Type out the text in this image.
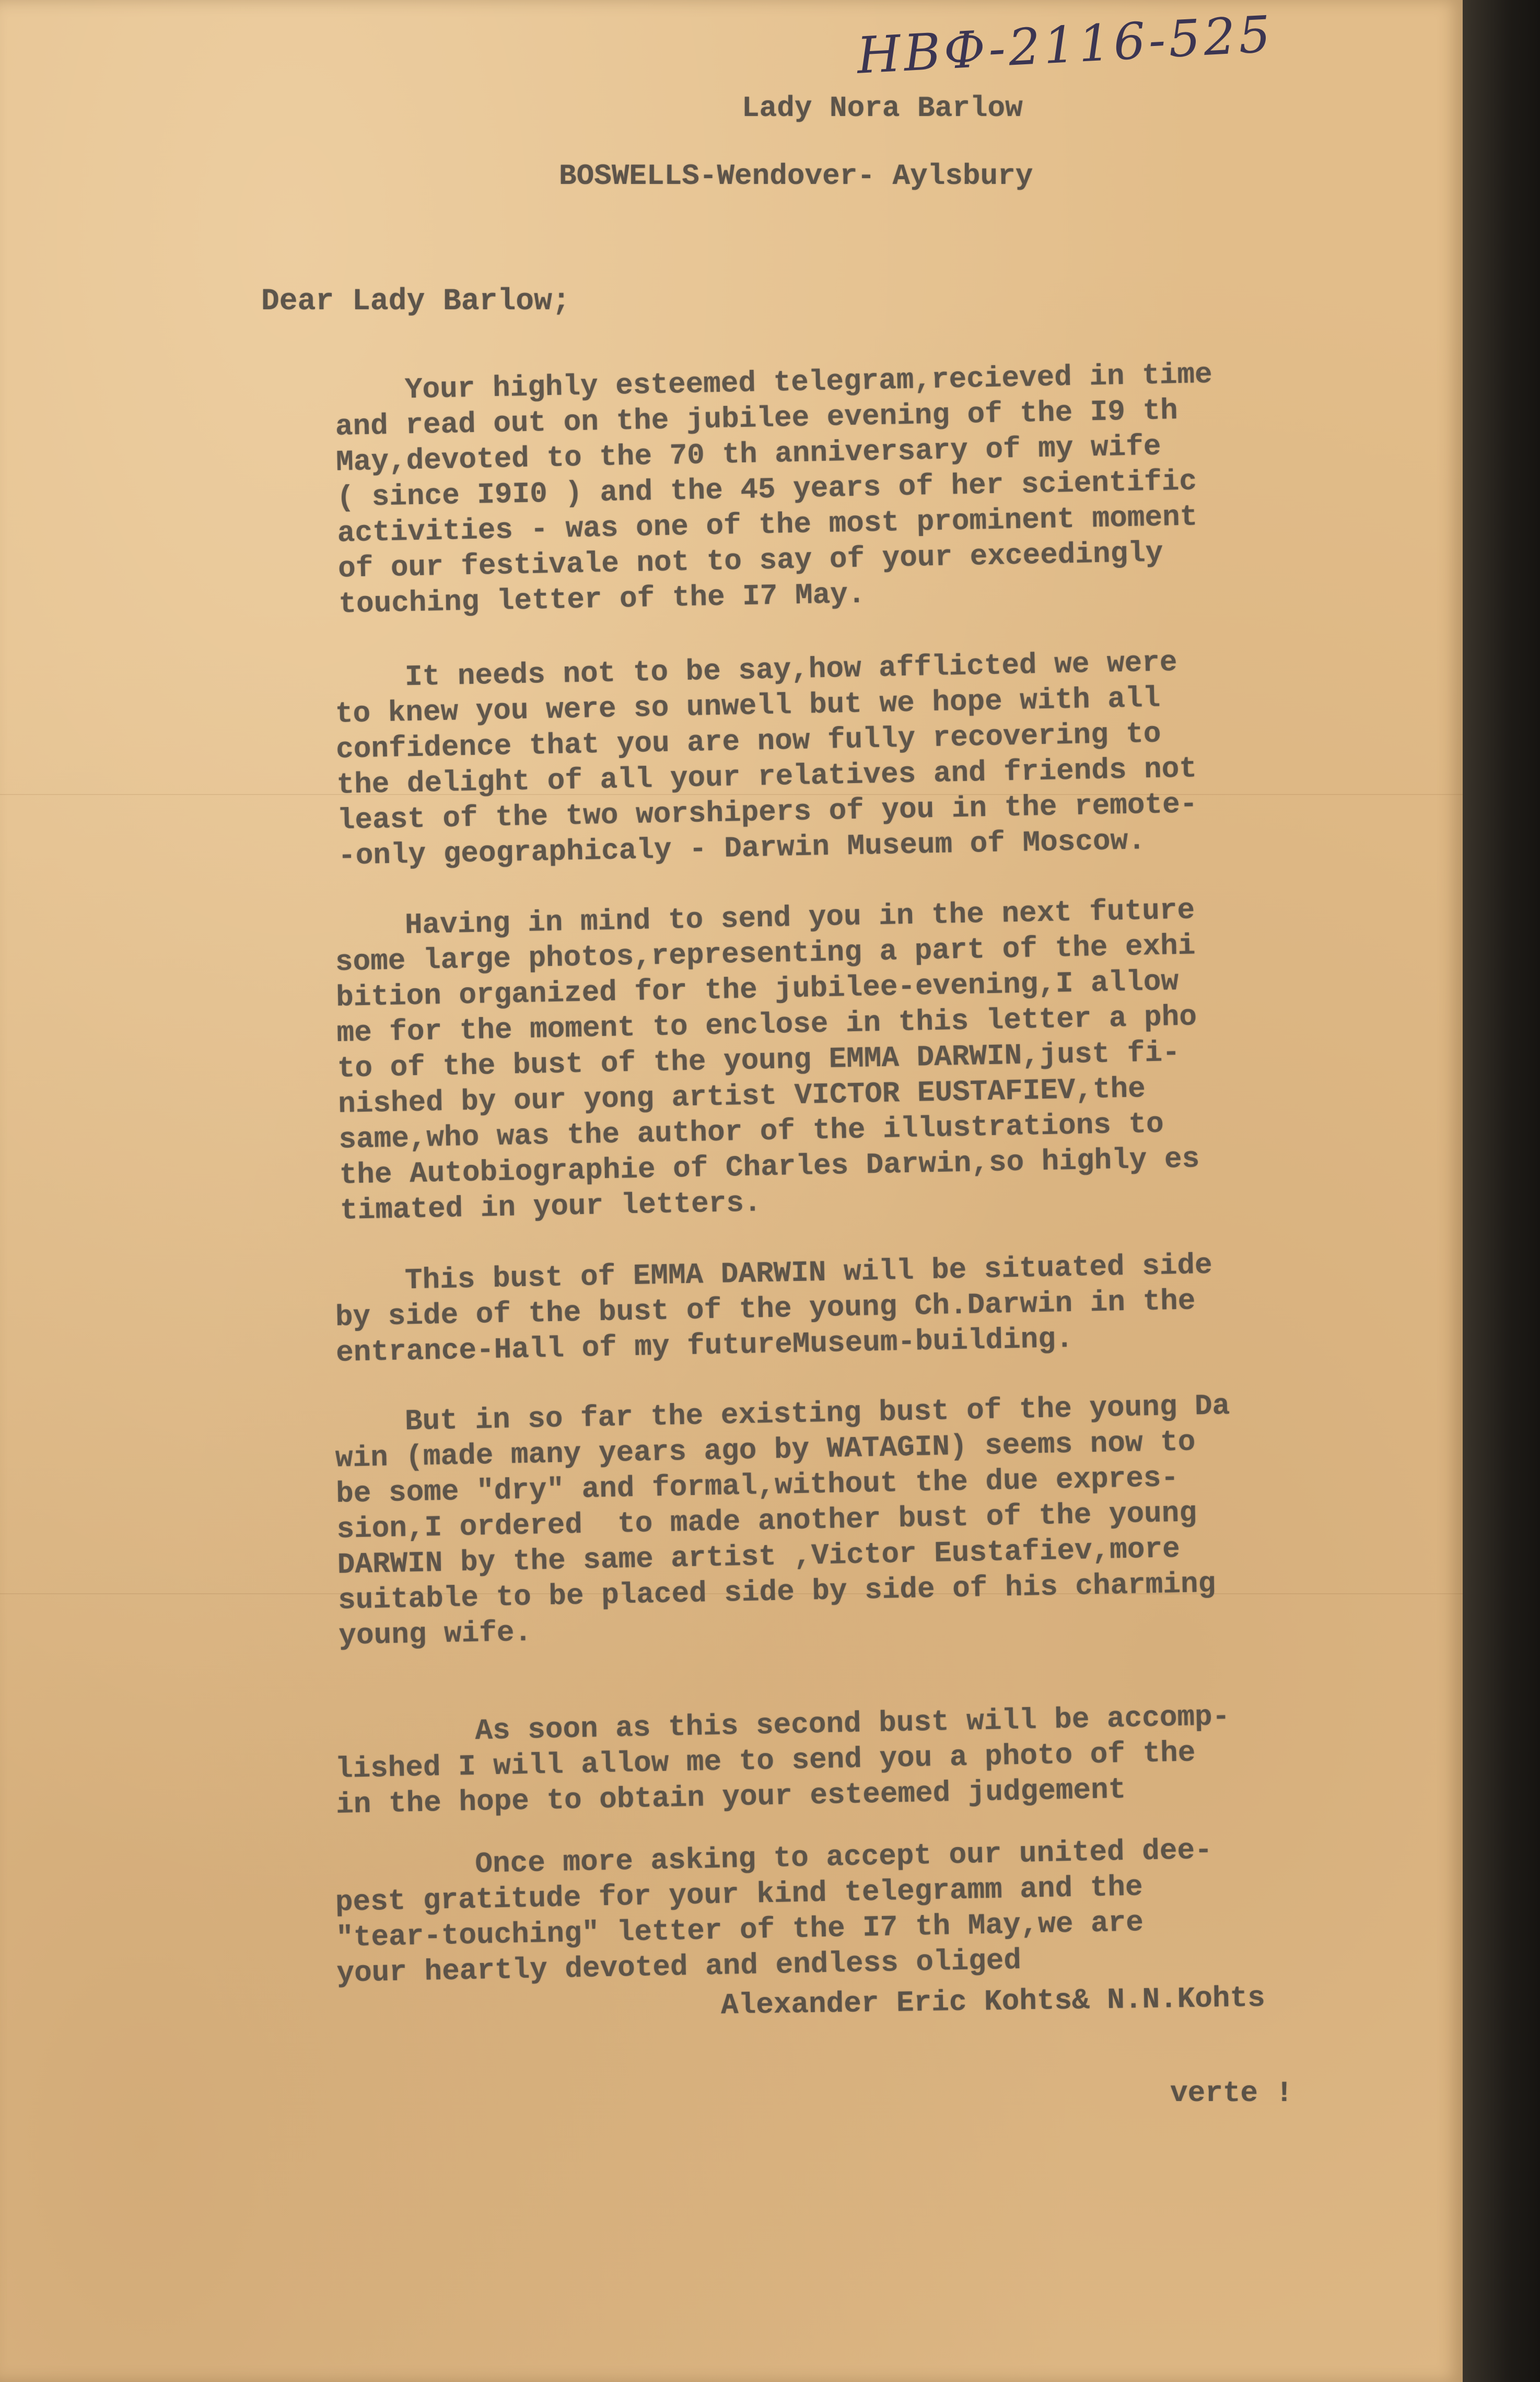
НВФ-2116-525
Lady Nora Barlow
BOSWELLS-Wendover- Aylsbury
Dear Lady Barlow;
Your highly esteemed telegram,recieved in time
and read out on the jubilee evening of the I9 th
May,devoted to the 70 th anniversary of my wife
( since I9I0 ) and the 45 years of her scientific
activities - was one of the most prominent moment
of our festivale not to say of your exceedingly
touching letter of the I7 May.
It needs not to be say,how afflicted we were
to knew you were so unwell but we hope with all
confidence that you are now fully recovering to
the delight of all your relatives and friends not
least of the two worshipers of you in the remote-
-only geographicaly - Darwin Museum of Moscow.
Having in mind to send you in the next future
some large photos,representing a part of the exhi
bition organized for the jubilee-evening,I allow
me for the moment to enclose in this letter a pho
to of the bust of the young EMMA DARWIN,just fi-
nished by our yong artist VICTOR EUSTAFIEV,the
same,who was the author of the illustrations to
the Autobiographie of Charles Darwin,so highly es
timated in your letters.
This bust of EMMA DARWIN will be situated side
by side of the bust of the young Ch.Darwin in the
entrance-Hall of my futureMuseum-building.
But in so far the existing bust of the young Da
win (made many years ago by WATAGIN) seems now to
be some "dry" and formal,without the due expres-
sion,I ordered  to made another bust of the young
DARWIN by the same artist ,Victor Eustafiev,more
suitable to be placed side by side of his charming
young wife.
As soon as this second bust will be accomp-
lished I will allow me to send you a photo of the
in the hope to obtain your esteemed judgement
Once more asking to accept our united dee-
pest gratitude for your kind telegramm and the
"tear-touching" letter of the I7 th May,we are
your heartly devoted and endless oliged
Alexander Eric Kohts& N.N.Kohts
verte !
